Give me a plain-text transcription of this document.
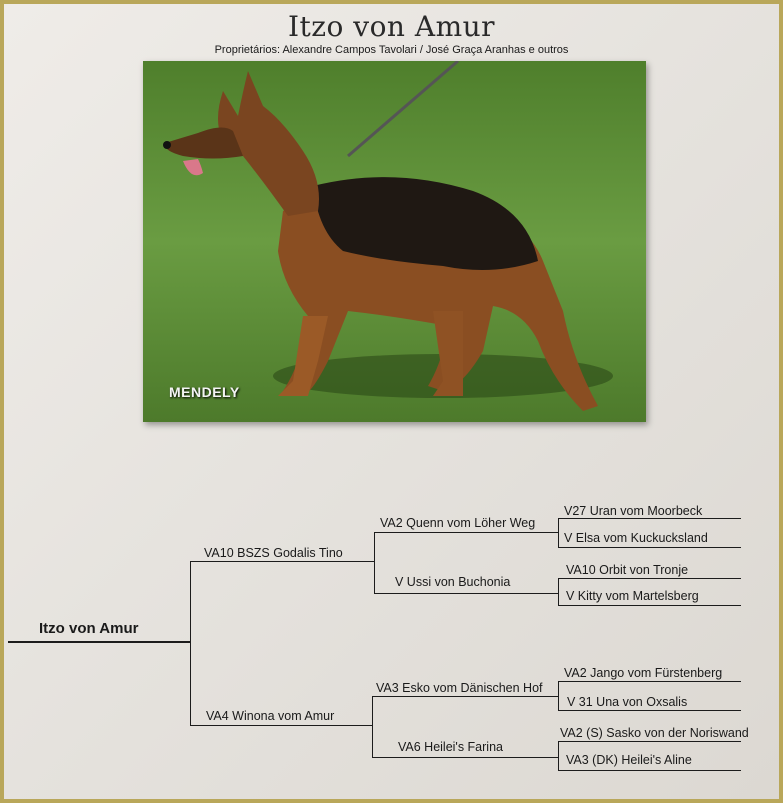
Itzo von Amur
Proprietários: Alexandre Campos Tavolari / José Graça Aranhas e outros
MENDELY
Itzo von Amur
VA10 BSZS Godalis Tino
VA4 Winona vom Amur
VA2 Quenn vom Löher Weg
V Ussi von Buchonia
VA3 Esko vom Dänischen Hof
VA6 Heilei's Farina
V27 Uran vom Moorbeck
V Elsa vom Kuckucksland
VA10 Orbit von Tronje
V Kitty vom Martelsberg
VA2 Jango vom Fürstenberg
V 31 Una von Oxsalis
VA2 (S) Sasko von der Noriswand
VA3 (DK) Heilei's Aline
